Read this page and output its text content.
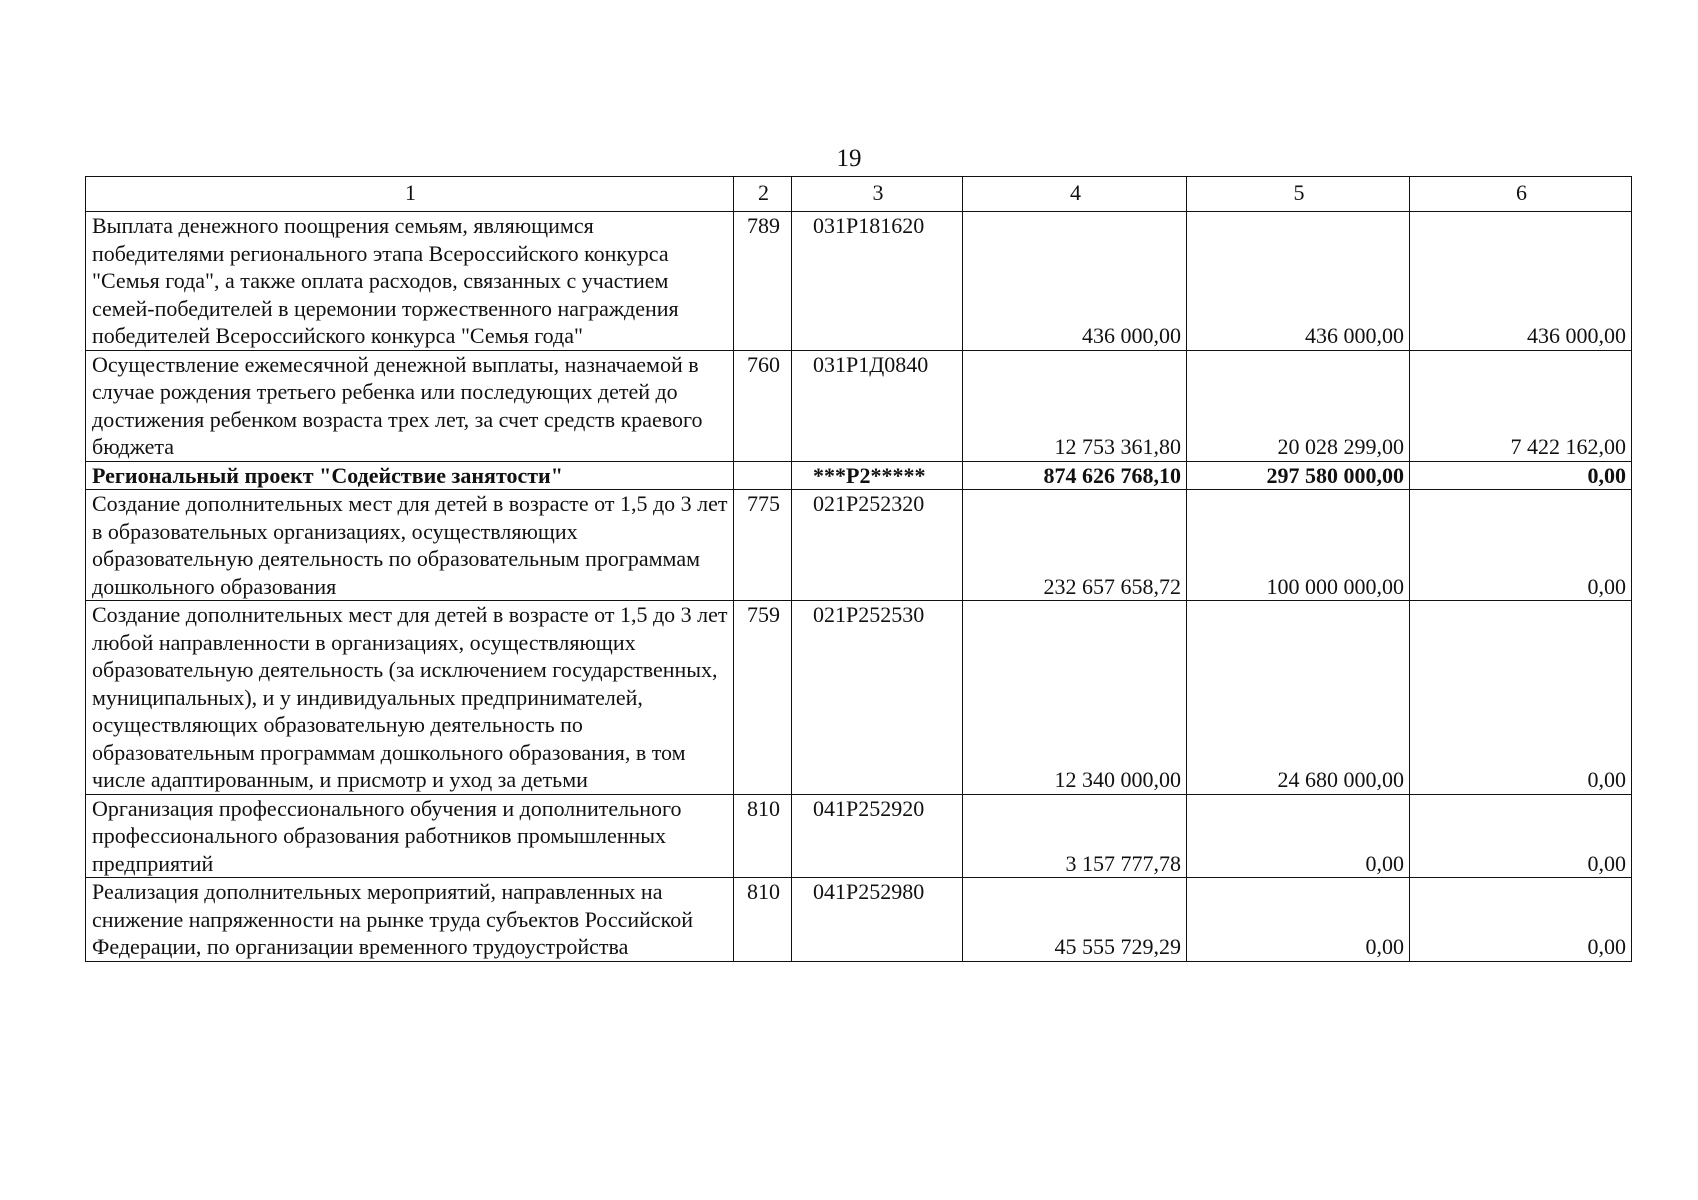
19
1	2	3	4	5	6
Выплата денежного поощрения семьям, являющимся победителями регионального этапа Всероссийского конкурса "Семья года", а также оплата расходов, связанных с участием семей-победителей в церемонии торжественного награждения победителей Всероссийского конкурса "Семья года"	789	031Р181620	436 000,00	436 000,00	436 000,00
Осуществление ежемесячной денежной выплаты, назначаемой в случае рождения третьего ребенка или последующих детей до достижения ребенком возраста трех лет, за счет средств краевого бюджета	760	031Р1Д0840	12 753 361,80	20 028 299,00	7 422 162,00
Региональный проект "Содействие занятости"		***Р2*****	874 626 768,10	297 580 000,00	0,00
Создание дополнительных мест для детей в возрасте от 1,5 до 3 лет в образовательных организациях, осуществляющих образовательную деятельность по образовательным программам дошкольного образования	775	021Р252320	232 657 658,72	100 000 000,00	0,00
Создание дополнительных мест для детей в возрасте от 1,5 до 3 лет любой направленности в организациях, осуществляющих образовательную деятельность (за исключением государственных, муниципальных), и у индивидуальных предпринимателей, осуществляющих образовательную деятельность по образовательным программам дошкольного образования, в том числе адаптированным, и присмотр и уход за детьми	759	021Р252530	12 340 000,00	24 680 000,00	0,00
Организация профессионального обучения и дополнительного профессионального образования работников промышленных предприятий	810	041Р252920	3 157 777,78	0,00	0,00
Реализация дополнительных мероприятий, направленных на снижение напряженности на рынке труда субъектов Российской Федерации, по организации временного трудоустройства	810	041Р252980	45 555 729,29	0,00	0,00
